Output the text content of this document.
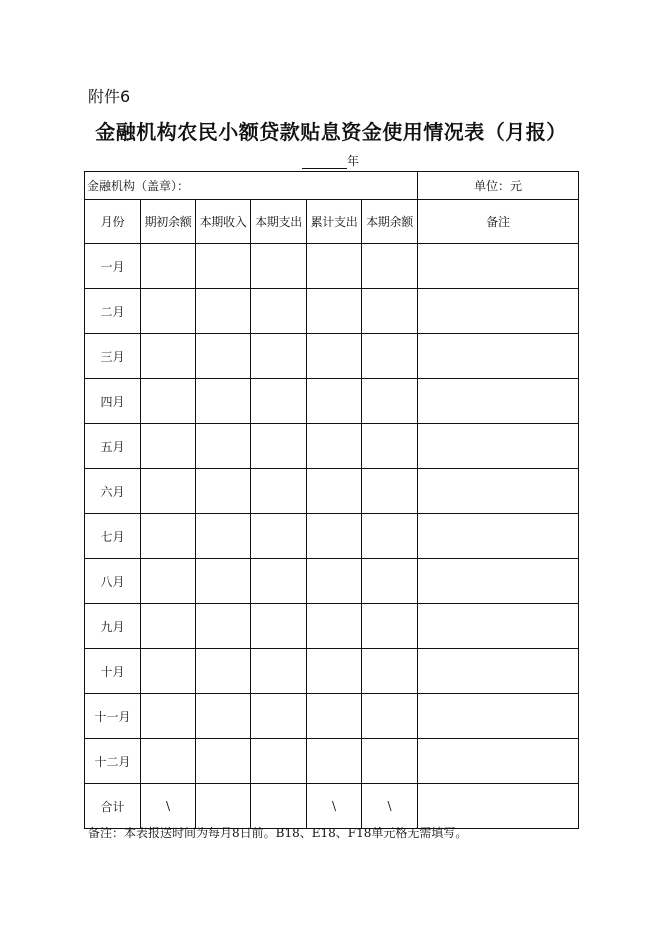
附件6
金融机构农民小额贷款贴息资金使用情况表（月报）
年
金融机构（盖章）：						单位：元
月份	期初余额	本期收入	本期支出	累计支出	本期余额	备注
一月						
二月						
三月						
四月						
五月						
六月						
七月						
八月						
九月						
十月						
十一月						
十二月						
合计	\			\	\	
备注：本表报送时间为每月8日前。B18、E18、F18单元格无需填写。
